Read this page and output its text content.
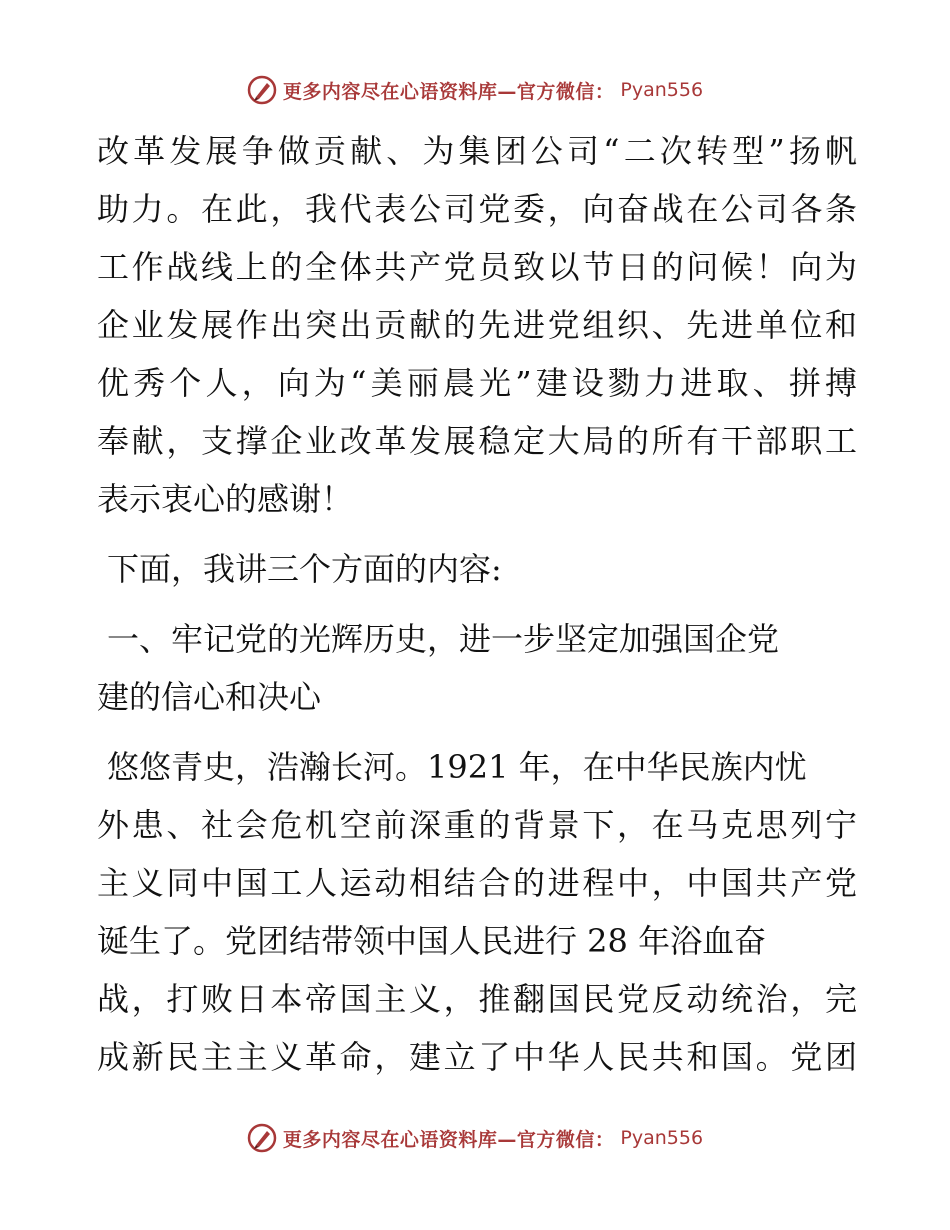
更多内容尽在心语资料库—官方微信： Pyan556
改革发展争做贡献、为集团公司“二次转型”扬帆
助力。在此，我代表公司党委，向奋战在公司各条
工作战线上的全体共产党员致以节日的问候！向为
企业发展作出突出贡献的先进党组织、先进单位和
优秀个人，向为“美丽晨光”建设勠力进取、拼搏
奉献，支撑企业改革发展稳定大局的所有干部职工
表示衷心的感谢！
下面，我讲三个方面的内容:
一、牢记党的光辉历史，进一步坚定加强国企党
建的信心和决心
悠悠青史，浩瀚长河。1921 年，在中华民族内忧
外患、社会危机空前深重的背景下，在马克思列宁
主义同中国工人运动相结合的进程中，中国共产党
诞生了。党团结带领中国人民进行 28 年浴血奋
战，打败日本帝国主义，推翻国民党反动统治，完
成新民主主义革命，建立了中华人民共和国。党团
更多内容尽在心语资料库—官方微信： Pyan556
